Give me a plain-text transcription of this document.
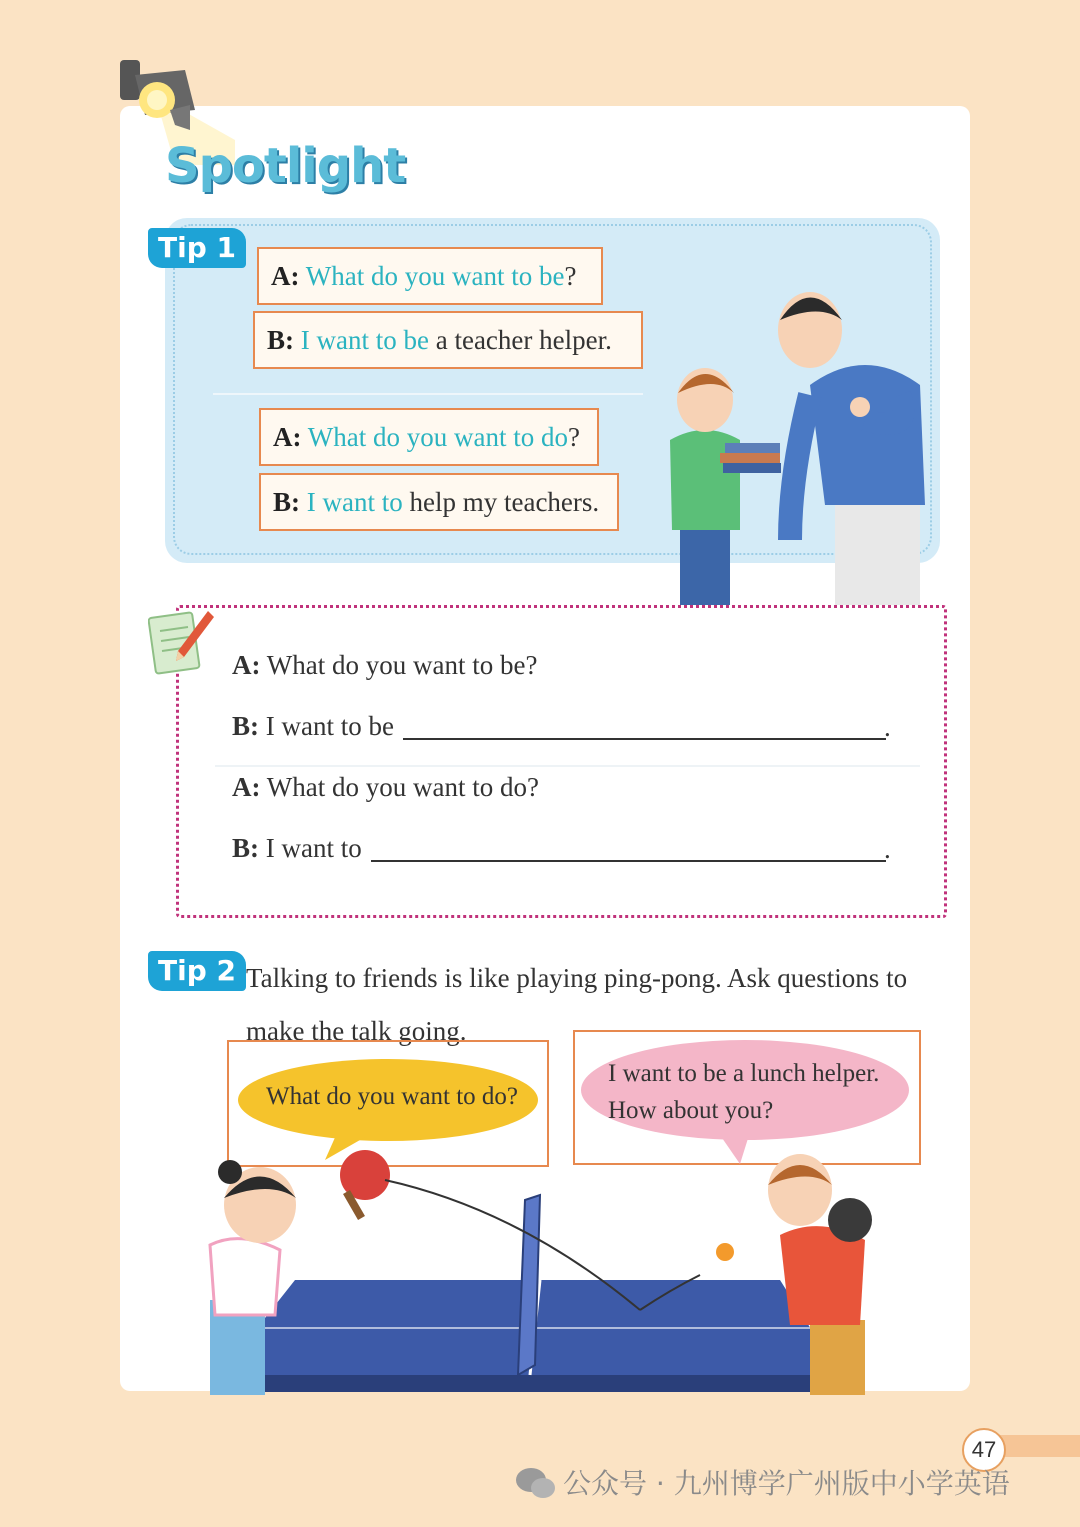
Spotlight
Tip 1
A: What do you want to be?
B: I want to be a teacher helper.
A: What do you want to do?
B: I want to help my teachers.
A: What do you want to be?
B: I want to be	.
A: What do you want to do?
B: I want to	.
Tip 2 Talking to friends is like playing ping-pong. Ask questions to make the talk going.
What do you want to do?
I want to be a lunch helper.
How about you?
47
公众号 · 九州博学广州版中小学英语
